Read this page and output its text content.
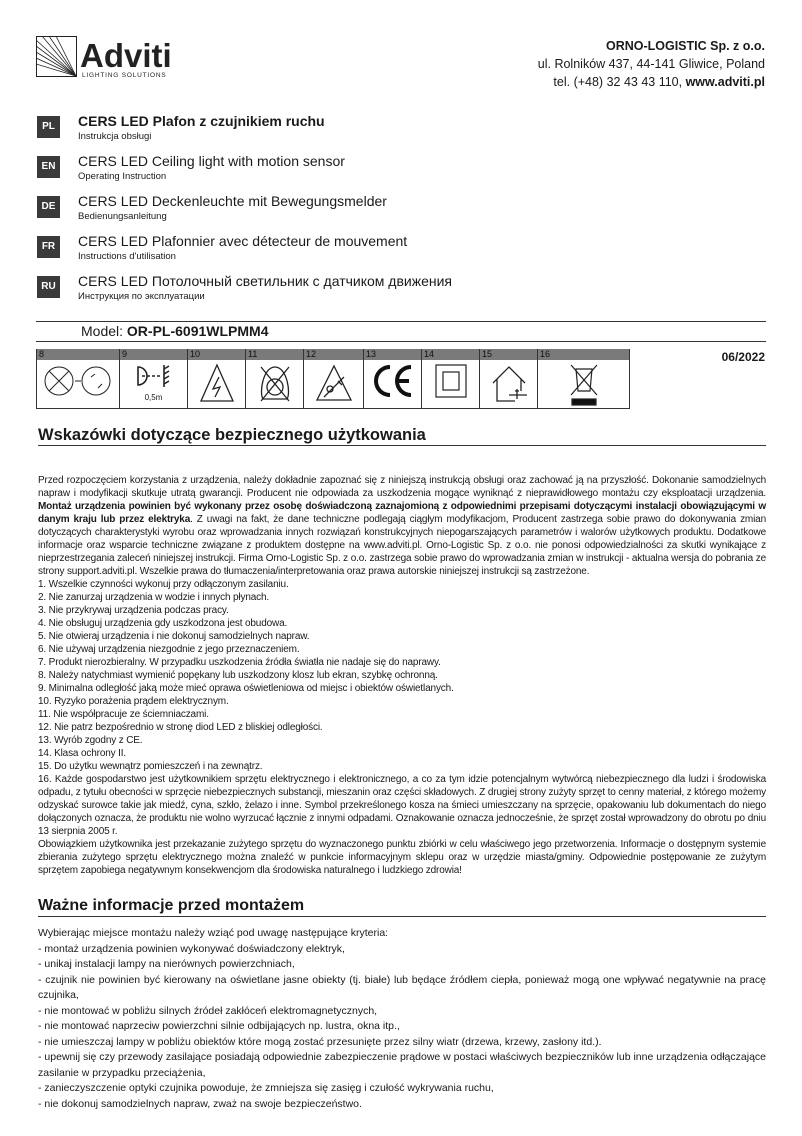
Adviti
LIGHTING SOLUTIONS
ORNO-LOGISTIC Sp. z o.o.
ul. Rolników 437, 44-141 Gliwice, Poland
tel. (+48) 32 43 43 110, www.adviti.pl
PL	CERS LED Plafon z czujnikiem ruchu
Instrukcja obsługi
EN	CERS LED Ceiling light with motion sensor
Operating Instruction
DE	CERS LED Deckenleuchte mit Bewegungsmelder
Bedienungsanleitung
FR	CERS LED Plafonnier avec détecteur de mouvement
Instructions d'utilisation
RU	CERS LED Потолочный светильник с датчиком движения
Инструкция по эксплуатации
Model: OR-PL-6091WLPMM4
8	9
0,5m
10	11	12	13	14	15	16	06/2022
Wskazówki dotyczące bezpiecznego użytkowania

Przed rozpoczęciem korzystania z urządzenia, należy dokładnie zapoznać się z niniejszą instrukcją obsługi oraz zachować ją na przyszłość. Dokonanie samodzielnych napraw i modyfikacji skutkuje utratą gwarancji. Producent nie odpowiada za uszkodzenia mogące wyniknąć z nieprawidłowego montażu czy eksploatacji urządzenia. Montaż urządzenia powinien być wykonany przez osobę doświadczoną zaznajomioną z odpowiednimi przepisami dotyczącymi instalacji obowiązującymi w danym kraju lub przez elektryka. Z uwagi na fakt, że dane techniczne podlegają ciągłym modyfikacjom, Producent zastrzega sobie prawo do dokonywania zmian dotyczących charakterystyki wyrobu oraz wprowadzania innych rozwiązań konstrukcyjnych niepogarszających parametrów i walorów użytkowych produktu. Dodatkowe informacje oraz wsparcie techniczne związane z produktem dostępne na www.adviti.pl. Orno-Logistic Sp. z o.o. nie ponosi odpowiedzialności za skutki wynikające z nieprzestrzegania zaleceń niniejszej instrukcji. Firma Orno-Logistic Sp. z o.o. zastrzega sobie prawo do wprowadzania zmian w instrukcji - aktualna wersja do pobrania ze strony support.adviti.pl. Wszelkie prawa do tłumaczenia/interpretowania oraz prawa autorskie niniejszej instrukcji są zastrzeżone.

1. Wszelkie czynności wykonuj przy odłączonym zasilaniu.

2. Nie zanurzaj urządzenia w wodzie i innych płynach.

3. Nie przykrywaj urządzenia podczas pracy.

4. Nie obsługuj urządzenia gdy uszkodzona jest obudowa.

5. Nie otwieraj urządzenia i nie dokonuj samodzielnych napraw.

6. Nie używaj urządzenia niezgodnie z jego przeznaczeniem.

7. Produkt nierozbieralny. W przypadku uszkodzenia źródła światła nie nadaje się do naprawy.

8. Należy natychmiast wymienić popękany lub uszkodzony klosz lub ekran, szybkę ochronną.

9. Minimalna odległość jaką może mieć oprawa oświetleniowa od miejsc i obiektów oświetlanych.

10. Ryzyko porażenia prądem elektrycznym.

11. Nie współpracuje ze ściemniaczami.

12. Nie patrz bezpośrednio w stronę diod LED z bliskiej odległości.

13. Wyrób zgodny z CE.

14. Klasa ochrony II.

15. Do użytku wewnątrz pomieszczeń i na zewnątrz.

16. Każde gospodarstwo jest użytkownikiem sprzętu elektrycznego i elektronicznego, a co za tym idzie potencjalnym wytwórcą niebezpiecznego dla ludzi i środowiska odpadu, z tytułu obecności w sprzęcie niebezpiecznych substancji, mieszanin oraz części składowych. Z drugiej strony zużyty sprzęt to cenny materiał, z którego możemy odzyskać surowce takie jak miedź, cyna, szkło, żelazo i inne. Symbol przekreślonego kosza na śmieci umieszczany na sprzęcie, opakowaniu lub dokumentach do niego dołączonych oznacza, że produktu nie wolno wyrzucać łącznie z innymi odpadami. Oznakowanie oznacza jednocześnie, że sprzęt został wprowadzony do obrotu po dniu 13 sierpnia 2005 r.

Obowiązkiem użytkownika jest przekazanie zużytego sprzętu do wyznaczonego punktu zbiórki w celu właściwego jego przetworzenia. Informacje o dostępnym systemie zbierania zużytego sprzętu elektrycznego można znaleźć w punkcie informacyjnym sklepu oraz w urzędzie miasta/gminy. Odpowiednie postępowanie ze zużytym sprzętem zapobiega negatywnym konsekwencjom dla środowiska naturalnego i ludzkiego zdrowia!

Ważne informacje przed montażem

Wybierając miejsce montażu należy wziąć pod uwagę następujące kryteria:

- montaż urządzenia powinien wykonywać doświadczony elektryk,

- unikaj instalacji lampy na nierównych powierzchniach,

- czujnik nie powinien być kierowany na oświetlane jasne obiekty (tj. białe) lub będące źródłem ciepła, ponieważ mogą one wpływać negatywnie na pracę czujnika,

- nie montować w pobliżu silnych źródeł zakłóceń elektromagnetycznych,

- nie montować naprzeciw powierzchni silnie odbijających np. lustra, okna itp.,

- nie umieszczaj lampy w pobliżu obiektów które mogą zostać przesunięte przez silny wiatr (drzewa, krzewy, zasłony itd.).

- upewnij się czy przewody zasilające posiadają odpowiednie zabezpieczenie prądowe w postaci właściwych bezpieczników lub inne urządzenia odłączające zasilanie w przypadku przeciążenia,

- zanieczyszczenie optyki czujnika powoduje, że zmniejsza się zasięg i czułość wykrywania ruchu,

- nie dokonuj samodzielnych napraw, zważ na swoje bezpieczeństwo.
